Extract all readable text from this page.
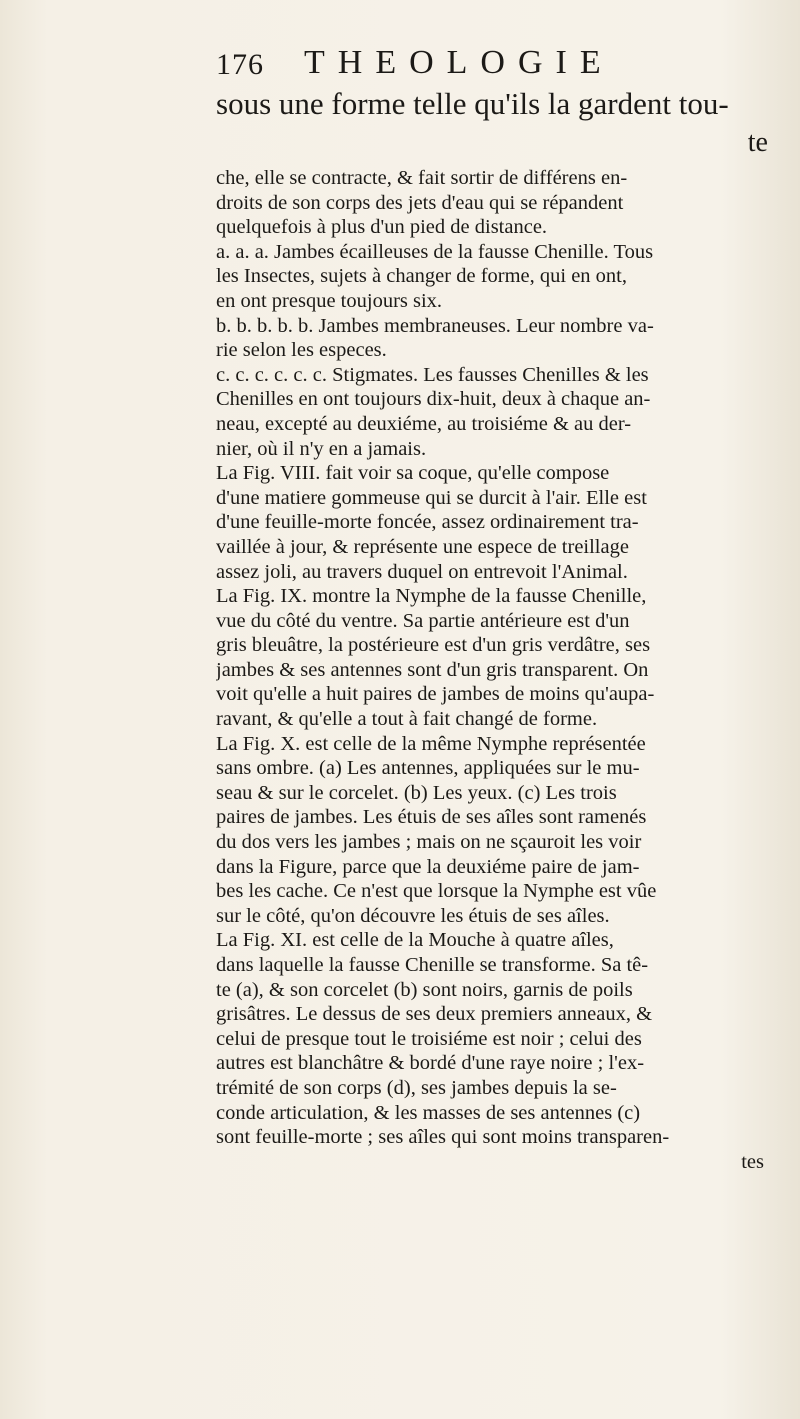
176 THEOLOGIE
sous une forme telle qu'ils la gardent tou-
te
che, elle se contracte, & fait sortir de différens en-
droits de son corps des jets d'eau qui se répandent
quelquefois à plus d'un pied de distance.
a. a. a. Jambes écailleuses de la fausse Chenille. Tous
les Insectes, sujets à changer de forme, qui en ont,
en ont presque toujours six.
b. b. b. b. b. Jambes membraneuses. Leur nombre va-
rie selon les especes.
c. c. c. c. c. c. Stigmates. Les fausses Chenilles & les
Chenilles en ont toujours dix-huit, deux à chaque an-
neau, excepté au deuxiéme, au troisiéme & au der-
nier, où il n'y en a jamais.
La Fig. VIII. fait voir sa coque, qu'elle compose
d'une matiere gommeuse qui se durcit à l'air. Elle est
d'une feuille-morte foncée, assez ordinairement tra-
vaillée à jour, & représente une espece de treillage
assez joli, au travers duquel on entrevoit l'Animal.
La Fig. IX. montre la Nymphe de la fausse Chenille,
vue du côté du ventre. Sa partie antérieure est d'un
gris bleuâtre, la postérieure est d'un gris verdâtre, ses
jambes & ses antennes sont d'un gris transparent. On
voit qu'elle a huit paires de jambes de moins qu'aupa-
ravant, & qu'elle a tout à fait changé de forme.
La Fig. X. est celle de la même Nymphe représentée
sans ombre. (a) Les antennes, appliquées sur le mu-
seau & sur le corcelet. (b) Les yeux. (c) Les trois
paires de jambes. Les étuis de ses aîles sont ramenés
du dos vers les jambes ; mais on ne sçauroit les voir
dans la Figure, parce que la deuxiéme paire de jam-
bes les cache. Ce n'est que lorsque la Nymphe est vûe
sur le côté, qu'on découvre les étuis de ses aîles.
La Fig. XI. est celle de la Mouche à quatre aîles,
dans laquelle la fausse Chenille se transforme. Sa tê-
te (a), & son corcelet (b) sont noirs, garnis de poils
grisâtres. Le dessus de ses deux premiers anneaux, &
celui de presque tout le troisiéme est noir ; celui des
autres est blanchâtre & bordé d'une raye noire ; l'ex-
trémité de son corps (d), ses jambes depuis la se-
conde articulation, & les masses de ses antennes (c)
sont feuille-morte ; ses aîles qui sont moins transparen-
tes
